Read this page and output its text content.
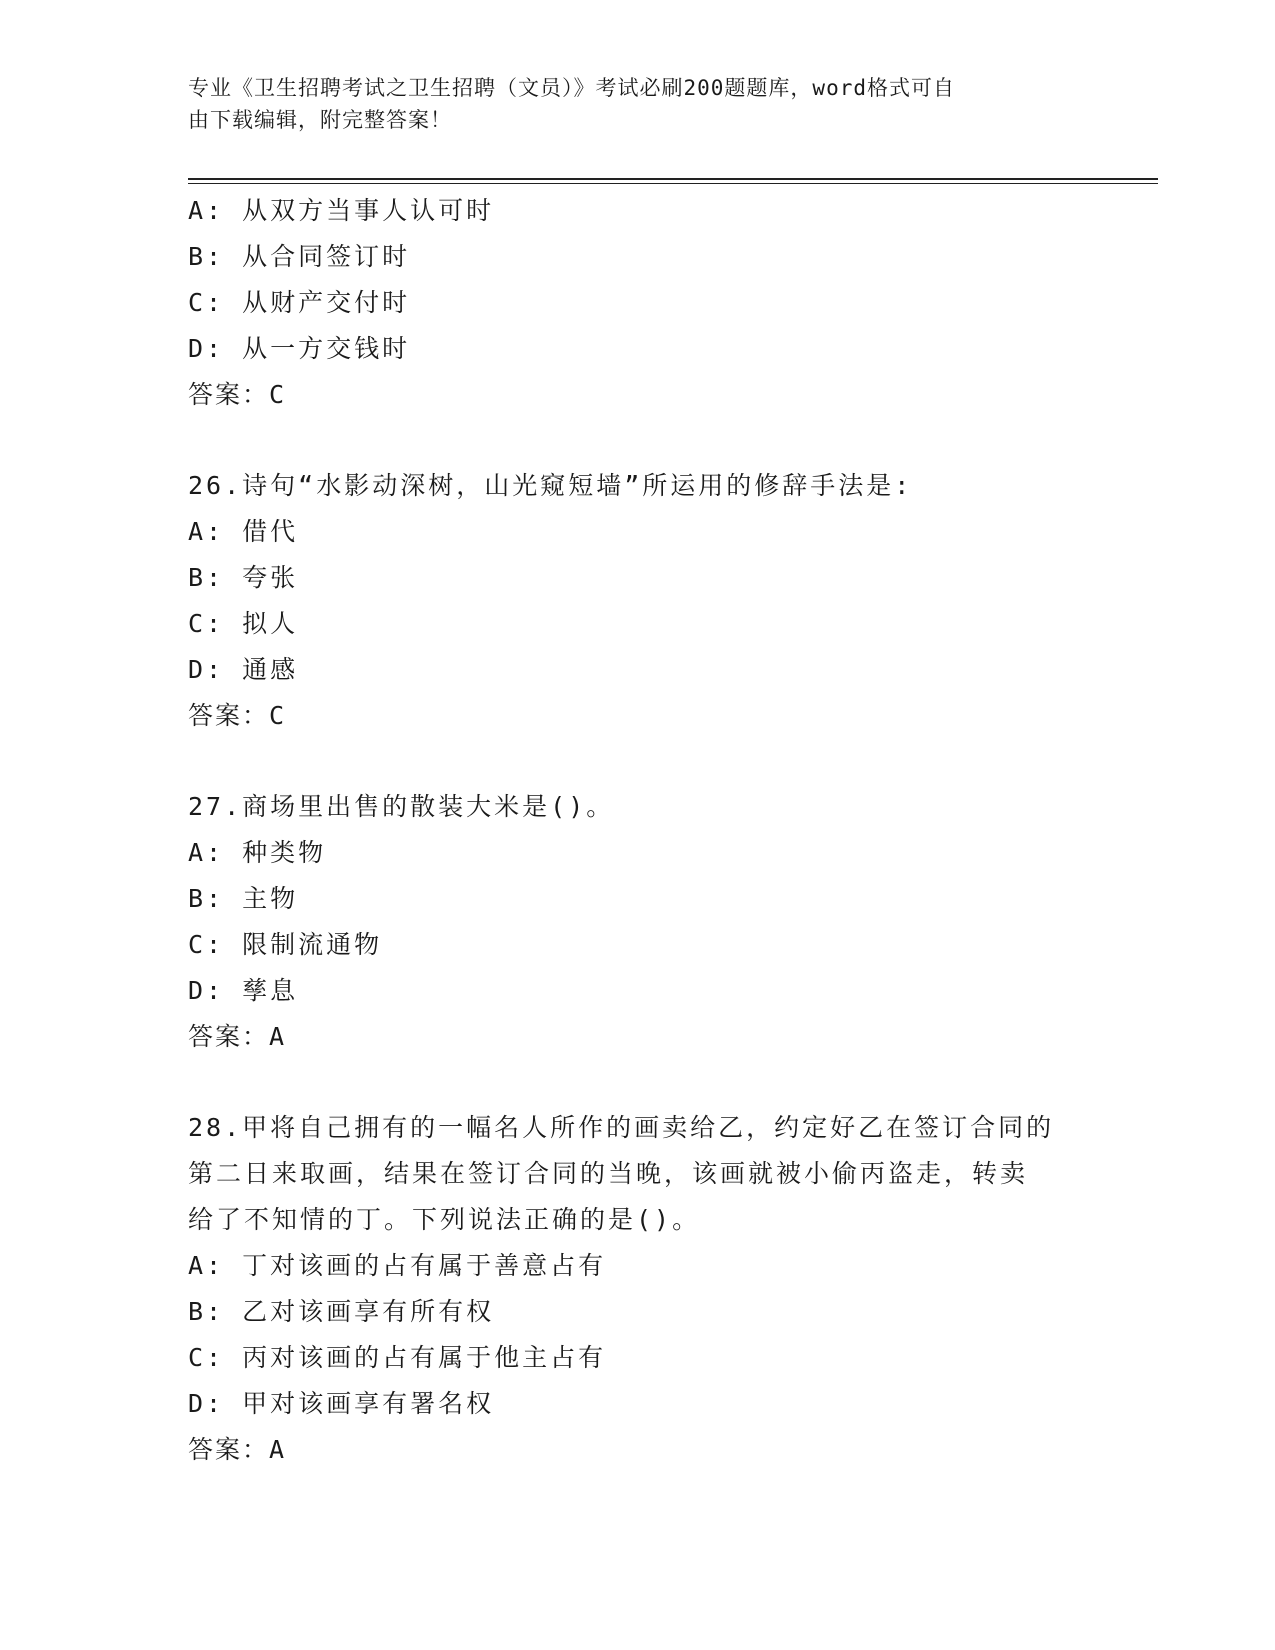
专业《卫生招聘考试之卫生招聘（文员）》考试必刷200题题库，word格式可自
由下载编辑，附完整答案！
A: 从双方当事人认可时
B: 从合同签订时
C: 从财产交付时
D: 从一方交钱时
答案：C
26.诗句“水影动深树，山光窥短墙”所运用的修辞手法是:
A: 借代
B: 夸张
C: 拟人
D: 通感
答案：C
27.商场里出售的散装大米是()。
A: 种类物
B: 主物
C: 限制流通物
D: 孳息
答案：A
28.甲将自己拥有的一幅名人所作的画卖给乙，约定好乙在签订合同的
第二日来取画，结果在签订合同的当晚，该画就被小偷丙盗走，转卖
给了不知情的丁。下列说法正确的是()。
A: 丁对该画的占有属于善意占有
B: 乙对该画享有所有权
C: 丙对该画的占有属于他主占有
D: 甲对该画享有署名权
答案：A
